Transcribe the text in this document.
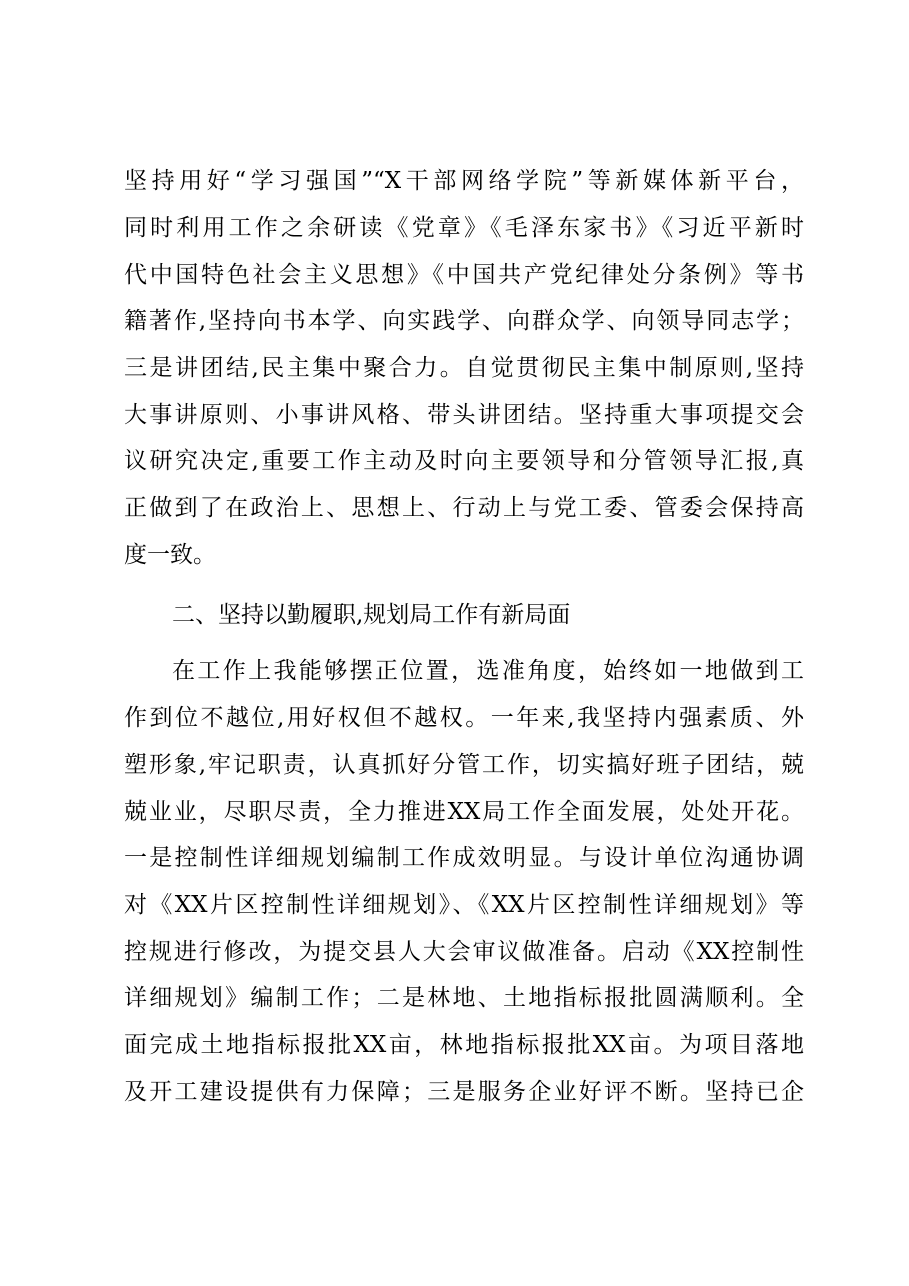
坚持用好“学习强国”“X干部网络学院”等新媒体新平台，
同时利用工作之余研读《党章》《毛泽东家书》《习近平新时
代中国特色社会主义思想》《中国共产党纪律处分条例》等书
籍著作,坚持向书本学、向实践学、向群众学、向领导同志学；
三是讲团结,民主集中聚合力。自觉贯彻民主集中制原则,坚持
大事讲原则、小事讲风格、带头讲团结。坚持重大事项提交会
议研究决定,重要工作主动及时向主要领导和分管领导汇报,真
正做到了在政治上、思想上、行动上与党工委、管委会保持高
度一致。
二、坚持以勤履职,规划局工作有新局面
在工作上我能够摆正位置，选准角度，始终如一地做到工
作到位不越位,用好权但不越权。一年来,我坚持内强素质、外
塑形象,牢记职责，认真抓好分管工作，切实搞好班子团结，兢
兢业业，尽职尽责，全力推进XX局工作全面发展，处处开花。
一是控制性详细规划编制工作成效明显。与设计单位沟通协调
对《XX片区控制性详细规划》、《XX片区控制性详细规划》等
控规进行修改，为提交县人大会审议做准备。启动《XX控制性
详细规划》编制工作；二是林地、土地指标报批圆满顺利。全
面完成土地指标报批XX亩，林地指标报批XX亩。为项目落地
及开工建设提供有力保障；三是服务企业好评不断。坚持已企
